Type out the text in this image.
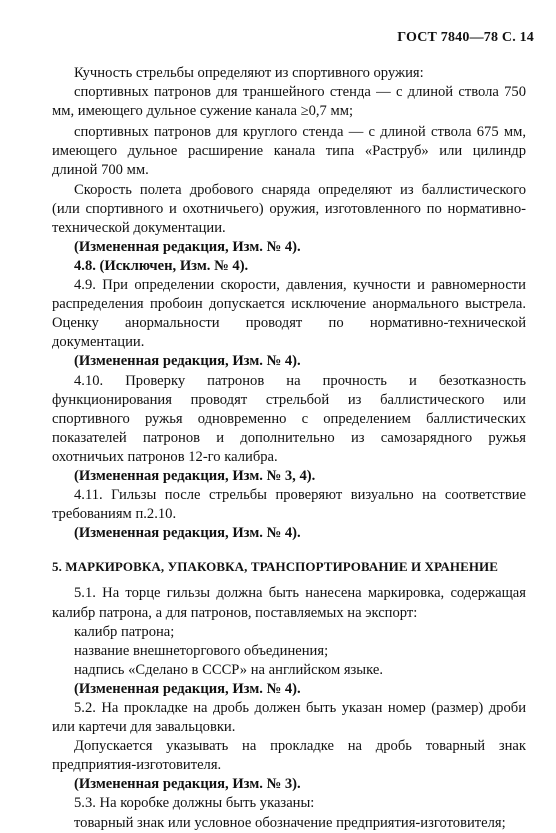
ГОСТ 7840—78 С. 14

Кучность стрельбы определяют из спортивного оружия:

спортивных патронов для траншейного стенда — с длиной ствола 750 мм, имеющего дульное сужение канала ≥0,7 мм;

спортивных патронов для круглого стенда — с длиной ствола 675 мм, имеющего дульное расширение канала типа «Раструб» или цилиндр длиной 700 мм.

Скорость полета дробового снаряда определяют из баллистического (или спортивного и охотничьего) оружия, изготовленного по нормативно-технической документации.

(Измененная редакция, Изм. № 4).

4.8. (Исключен, Изм. № 4).

4.9. При определении скорости, давления, кучности и равномерности распределения пробоин допускается исключение анормального выстрела. Оценку анормальности проводят по нормативно-технической документации.

(Измененная редакция, Изм. № 4).

4.10. Проверку патронов на прочность и безотказность функционирования проводят стрельбой из баллистического или спортивного ружья одновременно с определением баллистических показателей патронов и дополнительно из самозарядного ружья охотничьих патронов 12-го калибра.

(Измененная редакция, Изм. № 3, 4).

4.11. Гильзы после стрельбы проверяют визуально на соответствие требованиям п.2.10.

(Измененная редакция, Изм. № 4).

5. МАРКИРОВКА, УПАКОВКА, ТРАНСПОРТИРОВАНИЕ И ХРАНЕНИЕ

5.1. На торце гильзы должна быть нанесена маркировка, содержащая калибр патрона, а для патронов, поставляемых на экспорт:

калибр патрона;

название внешнеторгового объединения;

надпись «Сделано в СССР» на английском языке.

(Измененная редакция, Изм. № 4).

5.2. На прокладке на дробь должен быть указан номер (размер) дроби или картечи для завальцовки.

Допускается указывать на прокладке на дробь товарный знак предприятия-изготовителя.

(Измененная редакция, Изм. № 3).

5.3. На коробке должны быть указаны:

товарный знак или условное обозначение предприятия-изготовителя;
